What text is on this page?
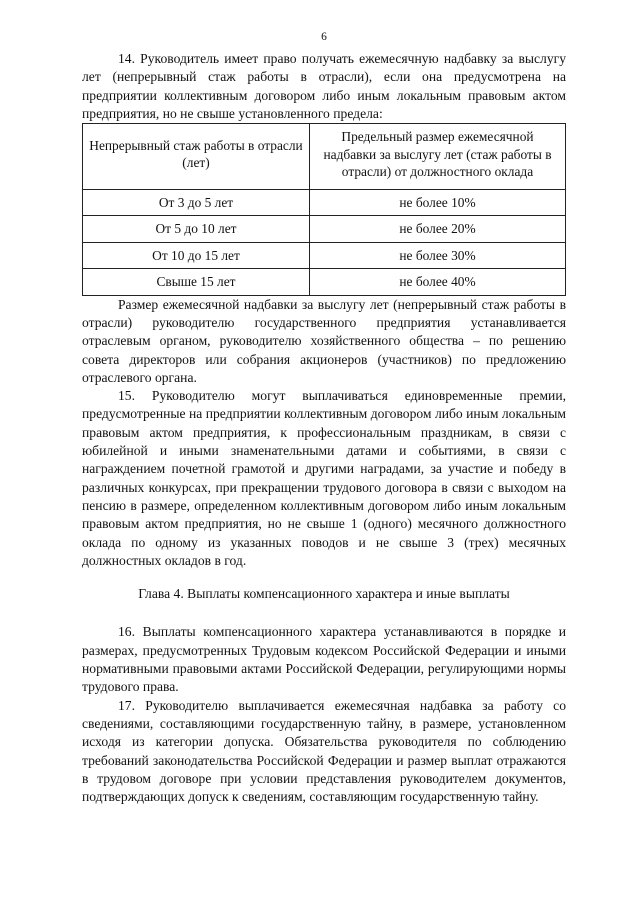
6

14. Руководитель имеет право получать ежемесячную надбавку за выслугу лет (непрерывный стаж работы в отрасли), если она предусмотрена на предприятии коллективным договором либо иным локальным правовым актом предприятия, но не свыше установленного предела:

Непрерывный стаж работы в отрасли (лет)	Предельный размер ежемесячной надбавки за выслугу лет (стаж работы в отрасли) от должностного оклада
От 3 до 5 лет	не более 10%
От 5 до 10 лет	не более 20%
От 10 до 15 лет	не более 30%
Свыше 15 лет	не более 40%

Размер ежемесячной надбавки за выслугу лет (непрерывный стаж работы в отрасли) руководителю государственного предприятия устанавливается отраслевым органом, руководителю хозяйственного общества – по решению совета директоров или собрания акционеров (участников) по предложению отраслевого органа.

15. Руководителю могут выплачиваться единовременные премии, предусмотренные на предприятии коллективным договором либо иным локальным правовым актом предприятия, к профессиональным праздникам, в связи с юбилейной и иными знаменательными датами и событиями, в связи с награждением почетной грамотой и другими наградами, за участие и победу в различных конкурсах, при прекращении трудового договора в связи с выходом на пенсию в размере, определенном коллективным договором либо иным локальным правовым актом предприятия, но не свыше 1 (одного) месячного должностного оклада по одному из указанных поводов и не свыше 3 (трех) месячных должностных окладов в год.

Глава 4. Выплаты компенсационного характера и иные выплаты

16. Выплаты компенсационного характера устанавливаются в порядке и размерах, предусмотренных Трудовым кодексом Российской Федерации и иными нормативными правовыми актами Российской Федерации, регулирующими нормы трудового права.

17. Руководителю выплачивается ежемесячная надбавка за работу со сведениями, составляющими государственную тайну, в размере, установленном исходя из категории допуска. Обязательства руководителя по соблюдению требований законодательства Российской Федерации и размер выплат отражаются в трудовом договоре при условии представления руководителем документов, подтверждающих допуск к сведениям, составляющим государственную тайну.
